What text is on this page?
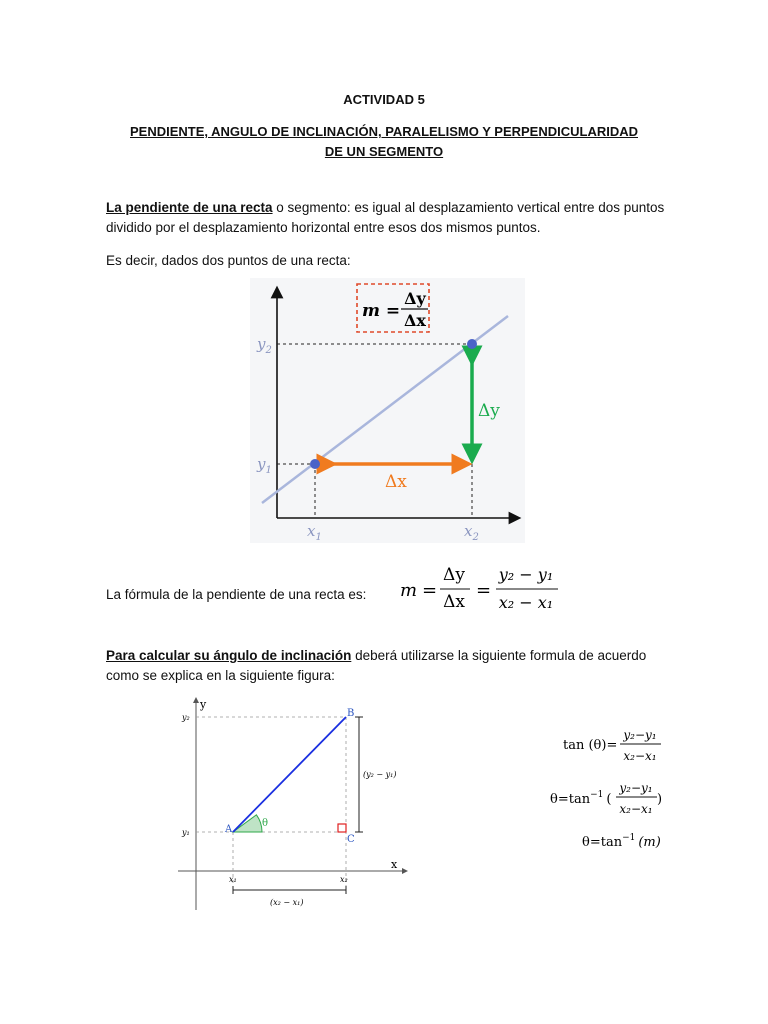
ACTIVIDAD 5
PENDIENTE, ANGULO DE INCLINACIÓN, PARALELISMO Y PERPENDICULARIDAD DE UN SEGMENTO
La pendiente de una recta o segmento: es igual al desplazamiento vertical entre dos puntos dividido por el desplazamiento horizontal entre esos dos mismos puntos.
Es decir, dados dos puntos de una recta:
m =
Δy
Δx
$y_2$
$y_1$
$x_1$	$x_2$
Δy
Δx
La fórmula de la pendiente de una recta es:	m =
Δy
Δx
=
y₂ − y₁
x₂ − x₁
Para calcular su ángulo de inclinación deberá utilizarse la siguiente formula de acuerdo como se explica en la siguiente figura:
y
x
y₂
y₁
x₁	x₂
A
B
C
θ
(y₂ − y₁)
(x₂ − x₁)
tan (θ)=
y₂−y₁
x₂−x₁
$\theta=\tan^{-1}$ (
y₂−y₁
x₂−x₁
)
$\theta=\tan^{-1}$ (m)
